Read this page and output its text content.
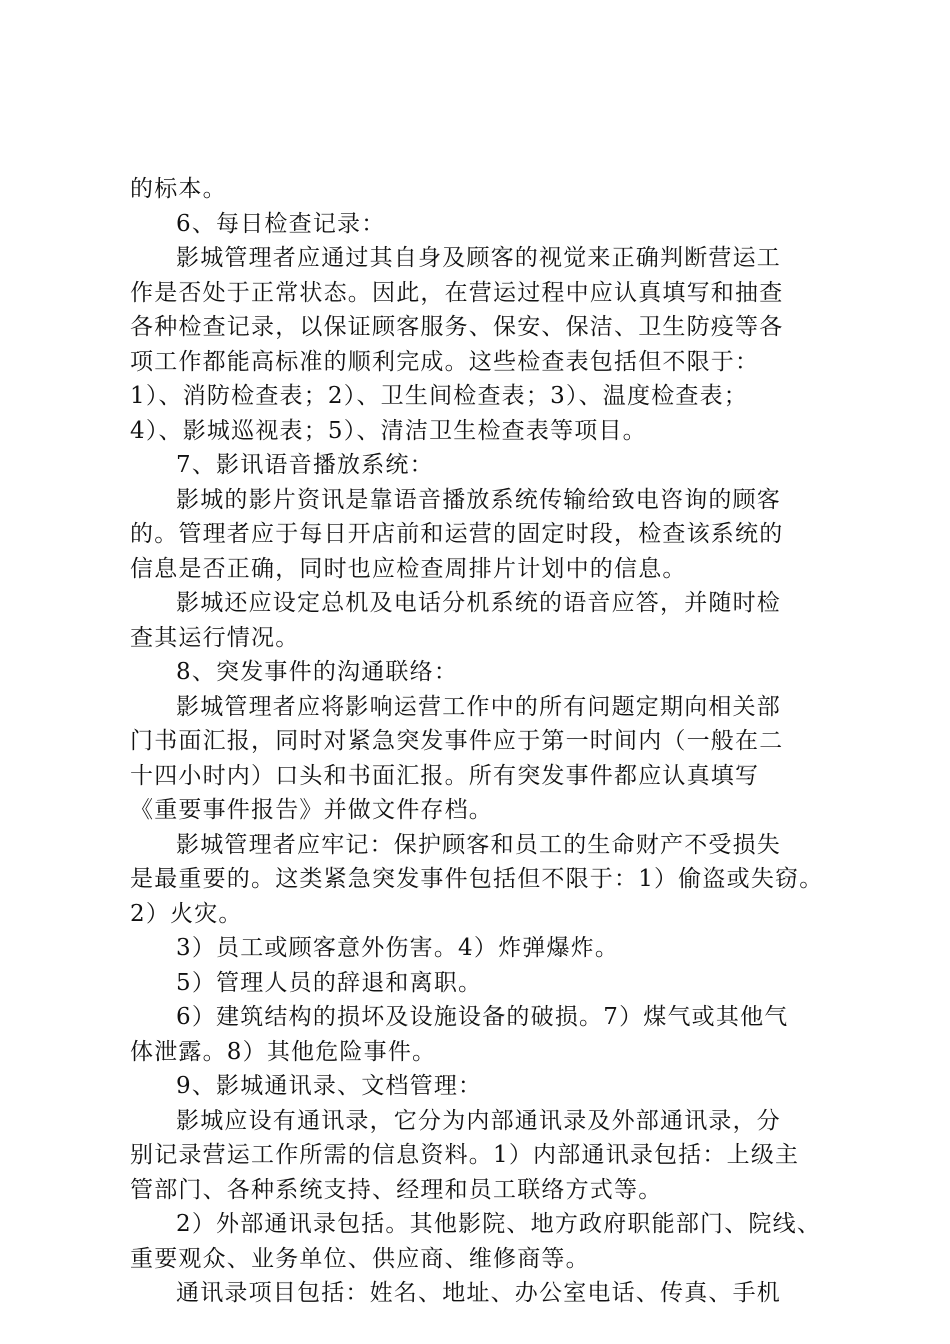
的标本。
6、每日检查记录：
影城管理者应通过其自身及顾客的视觉来正确判断营运工
作是否处于正常状态。因此，在营运过程中应认真填写和抽查
各种检查记录，以保证顾客服务、保安、保洁、卫生防疫等各
项工作都能高标准的顺利完成。这些检查表包括但不限于：
1）、消防检查表；2）、卫生间检查表；3）、温度检查表；
4）、影城巡视表；5）、清洁卫生检查表等项目。
7、影讯语音播放系统：
影城的影片资讯是靠语音播放系统传输给致电咨询的顾客
的。管理者应于每日开店前和运营的固定时段，检查该系统的
信息是否正确，同时也应检查周排片计划中的信息。
影城还应设定总机及电话分机系统的语音应答，并随时检
查其运行情况。
8、突发事件的沟通联络：
影城管理者应将影响运营工作中的所有问题定期向相关部
门书面汇报，同时对紧急突发事件应于第一时间内（一般在二
十四小时内）口头和书面汇报。所有突发事件都应认真填写
《重要事件报告》并做文件存档。
影城管理者应牢记：保护顾客和员工的生命财产不受损失
是最重要的。这类紧急突发事件包括但不限于：1）偷盗或失窃。
2）火灾。
3）员工或顾客意外伤害。4）炸弹爆炸。
5）管理人员的辞退和离职。
6）建筑结构的损坏及设施设备的破损。7）煤气或其他气
体泄露。8）其他危险事件。
9、影城通讯录、文档管理：
影城应设有通讯录，它分为内部通讯录及外部通讯录，分
别记录营运工作所需的信息资料。1）内部通讯录包括：上级主
管部门、各种系统支持、经理和员工联络方式等。
2）外部通讯录包括。其他影院、地方政府职能部门、院线、
重要观众、业务单位、供应商、维修商等。
通讯录项目包括：姓名、地址、办公室电话、传真、手机
